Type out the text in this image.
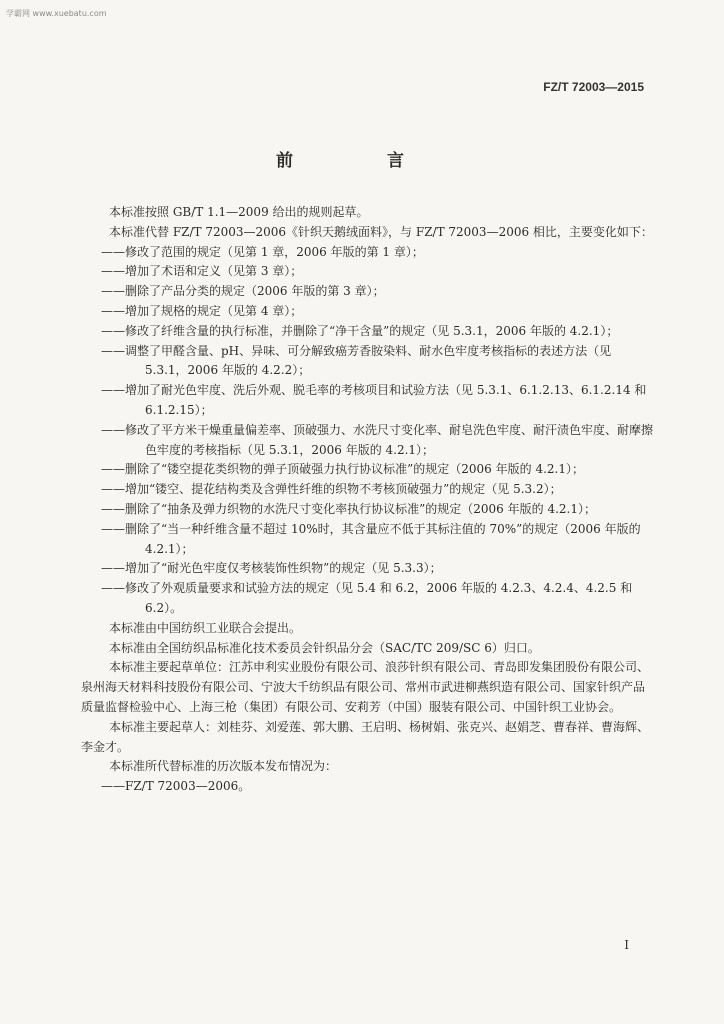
学霸网 www.xuebatu.com
FZ/T 72003—2015
前 言

本标准按照 GB/T 1.1—2009 给出的规则起草。

本标准代替 FZ/T 72003—2006《针织天鹅绒面料》，与 FZ/T 72003—2006 相比，主要变化如下：

——修改了范围的规定（见第 1 章，2006 年版的第 1 章）；

——增加了术语和定义（见第 3 章）；

——删除了产品分类的规定（2006 年版的第 3 章）；

——增加了规格的规定（见第 4 章）；

——修改了纤维含量的执行标准，并删除了“净干含量”的规定（见 5.3.1，2006 年版的 4.2.1）；

——调整了甲醛含量、pH、异味、可分解致癌芳香胺染料、耐水色牢度考核指标的表述方法（见 5.3.1，2006 年版的 4.2.2）；

——增加了耐光色牢度、洗后外观、脱毛率的考核项目和试验方法（见 5.3.1、6.1.2.13、6.1.2.14 和 6.1.2.15）；

——修改了平方米干燥重量偏差率、顶破强力、水洗尺寸变化率、耐皂洗色牢度、耐汗渍色牢度、耐摩擦色牢度的考核指标（见 5.3.1，2006 年版的 4.2.1）；

——删除了“镂空提花类织物的弹子顶破强力执行协议标准”的规定（2006 年版的 4.2.1）；

——增加“镂空、提花结构类及含弹性纤维的织物不考核顶破强力”的规定（见 5.3.2）；

——删除了“抽条及弹力织物的水洗尺寸变化率执行协议标准”的规定（2006 年版的 4.2.1）；

——删除了“当一种纤维含量不超过 10%时，其含量应不低于其标注值的 70%”的规定（2006 年版的 4.2.1）；

——增加了“耐光色牢度仅考核装饰性织物”的规定（见 5.3.3）；

——修改了外观质量要求和试验方法的规定（见 5.4 和 6.2，2006 年版的 4.2.3、4.2.4、4.2.5 和 6.2）。

本标准由中国纺织工业联合会提出。

本标准由全国纺织品标准化技术委员会针织品分会（SAC/TC 209/SC 6）归口。

本标准主要起草单位：江苏申利实业股份有限公司、浪莎针织有限公司、青岛即发集团股份有限公司、泉州海天材料科技股份有限公司、宁波大千纺织品有限公司、常州市武进柳燕织造有限公司、国家针织产品质量监督检验中心、上海三枪（集团）有限公司、安莉芳（中国）服装有限公司、中国针织工业协会。

本标准主要起草人：刘桂芬、刘爱莲、郭大鹏、王启明、杨树娟、张克兴、赵娟芝、曹春祥、曹海辉、李金才。

本标准所代替标准的历次版本发布情况为：

——FZ/T 72003—2006。

I
